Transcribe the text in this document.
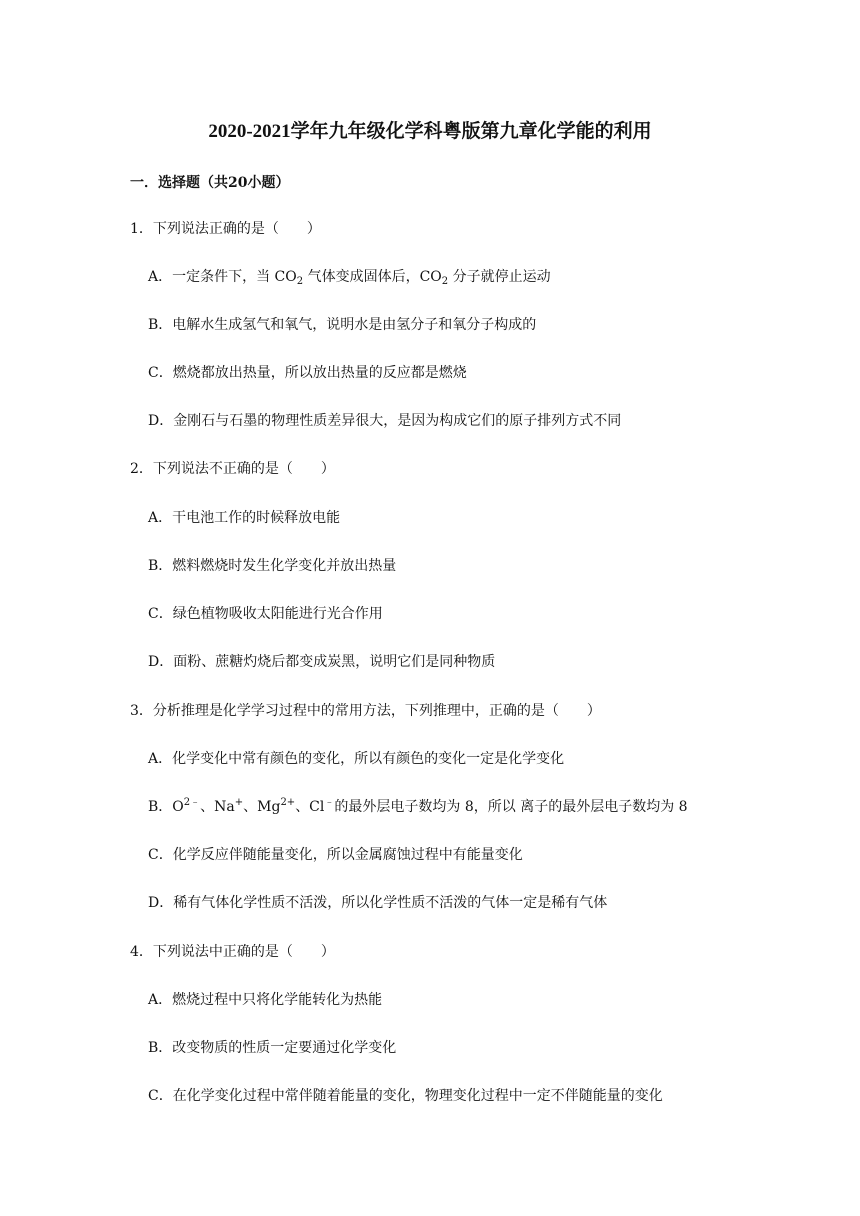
2020-2021学年九年级化学科粤版第九章化学能的利用
一．选择题（共20小题）
1．下列说法正确的是（　　）
A．一定条件下，当 $CO_2$ 气体变成固体后，$CO_2$ 分子就停止运动
B．电解水生成氢气和氧气，说明水是由氢分子和氧分子构成的
C．燃烧都放出热量，所以放出热量的反应都是燃烧
D．金刚石与石墨的物理性质差异很大，是因为构成它们的原子排列方式不同
2．下列说法不正确的是（　　）
A．干电池工作的时候释放电能
B．燃料燃烧时发生化学变化并放出热量
C．绿色植物吸收太阳能进行光合作用
D．面粉、蔗糖灼烧后都变成炭黑，说明它们是同种物质
3．分析推理是化学学习过程中的常用方法，下列推理中，正确的是（　　）
A．化学变化中常有颜色的变化，所以有颜色的变化一定是化学变化
B．$O^{2﹣}$、Na+、$Mg^{2+}$、Cl﹣的最外层电子数均为 8，所以 离子的最外层电子数均为 8
C．化学反应伴随能量变化，所以金属腐蚀过程中有能量变化
D．稀有气体化学性质不活泼，所以化学性质不活泼的气体一定是稀有气体
4．下列说法中正确的是（　　）
A．燃烧过程中只将化学能转化为热能
B．改变物质的性质一定要通过化学变化
C．在化学变化过程中常伴随着能量的变化，物理变化过程中一定不伴随能量的变化
